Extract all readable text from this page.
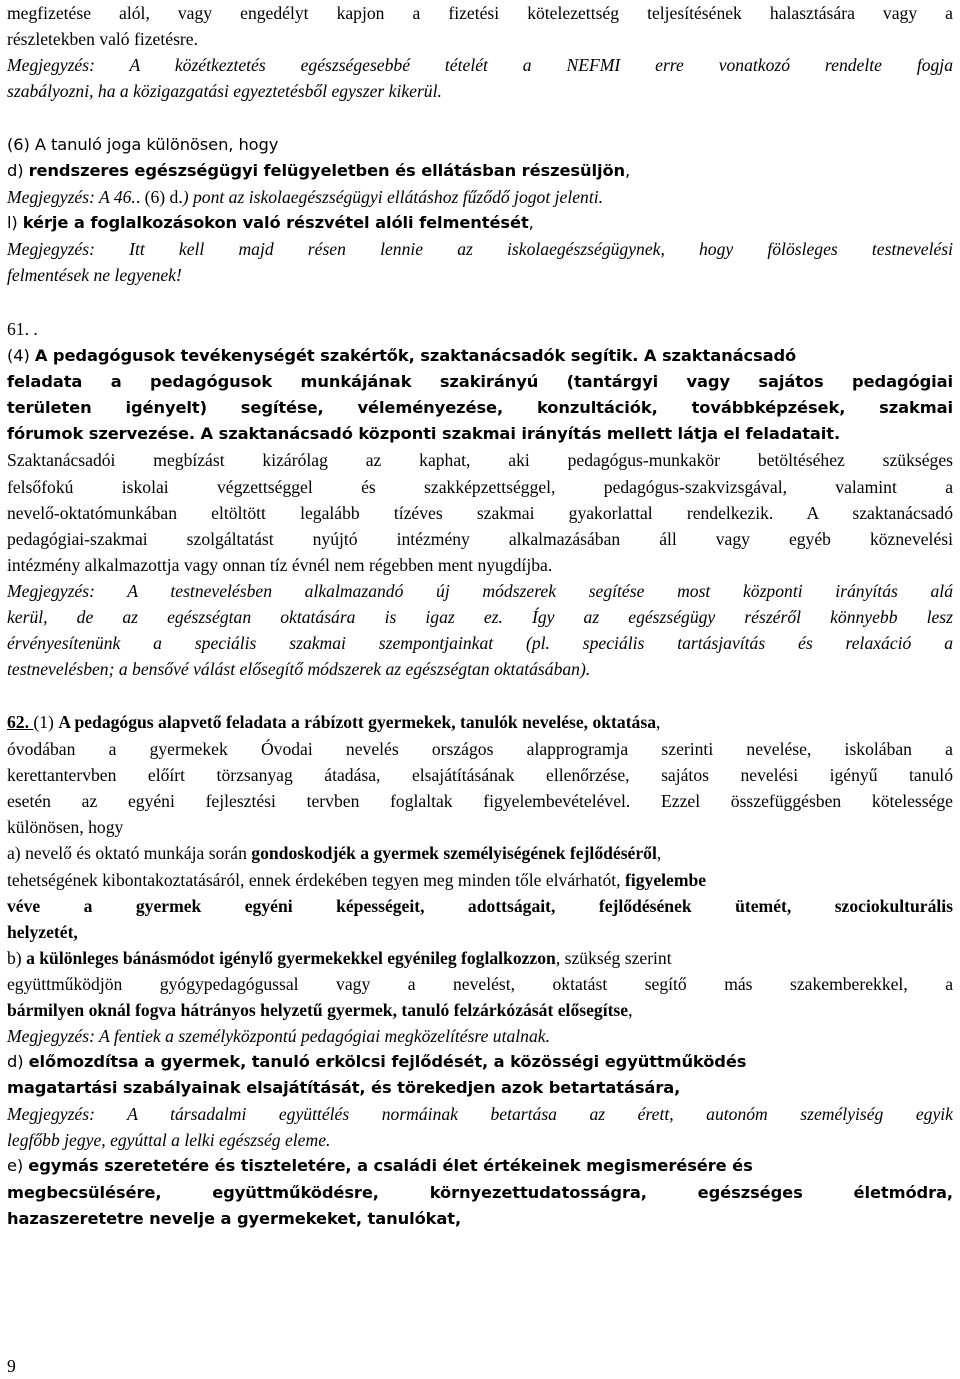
megfizetése alól, vagy engedélyt kapjon a fizetési kötelezettség teljesítésének halasztására vagy a
részletekben való fizetésre.
Megjegyzés: A közétkeztetés egészségesebbé tételét a NEFMI erre vonatkozó rendelte fogja
szabályozni, ha a közigazgatási egyeztetésből egyszer kikerül.
(6) A tanuló joga különösen, hogy
d) rendszeres egészségügyi felügyeletben és ellátásban részesüljön,
Megjegyzés: A 46.. (6) d.) pont az iskolaegészségügyi ellátáshoz fűződő jogot jelenti.
l) kérje a foglalkozásokon való részvétel alóli felmentését,
Megjegyzés: Itt kell majd résen lennie az iskolaegészségügynek, hogy fölösleges testnevelési
felmentések ne legyenek!
61. .
(4) A pedagógusok tevékenységét szakértők, szaktanácsadók segítik. A szaktanácsadó
feladata a pedagógusok munkájának szakirányú (tantárgyi vagy sajátos pedagógiai
területen igényelt) segítése, véleményezése, konzultációk, továbbképzések, szakmai
fórumok szervezése. A szaktanácsadó központi szakmai irányítás mellett látja el feladatait.
Szaktanácsadói megbízást kizárólag az kaphat, aki pedagógus-munkakör betöltéséhez szükséges
felsőfokú iskolai végzettséggel és szakképzettséggel, pedagógus-szakvizsgával, valamint a
nevelő-oktatómunkában eltöltött legalább tízéves szakmai gyakorlattal rendelkezik. A szaktanácsadó
pedagógiai-szakmai szolgáltatást nyújtó intézmény alkalmazásában áll vagy egyéb köznevelési
intézmény alkalmazottja vagy onnan tíz évnél nem régebben ment nyugdíjba.
Megjegyzés: A testnevelésben alkalmazandó új módszerek segítése most központi irányítás alá
kerül, de az egészségtan oktatására is igaz ez. Így az egészségügy részéről könnyebb lesz
érvényesítenünk a speciális szakmai szempontjainkat (pl. speciális tartásjavítás és relaxáció a
testnevelésben; a bensővé válást elősegítő módszerek az egészségtan oktatásában).
62. (1) A pedagógus alapvető feladata a rábízott gyermekek, tanulók nevelése, oktatása,
óvodában a gyermekek Óvodai nevelés országos alapprogramja szerinti nevelése, iskolában a
kerettantervben előírt törzsanyag átadása, elsajátításának ellenőrzése, sajátos nevelési igényű tanuló
esetén az egyéni fejlesztési tervben foglaltak figyelembevételével. Ezzel összefüggésben kötelessége
különösen, hogy
a) nevelő és oktató munkája során gondoskodjék a gyermek személyiségének fejlődéséről,
tehetségének kibontakoztatásáról, ennek érdekében tegyen meg minden tőle elvárhatót, figyelembe
véve a gyermek egyéni képességeit, adottságait, fejlődésének ütemét, szociokulturális
helyzetét,
b) a különleges bánásmódot igénylő gyermekekkel egyénileg foglalkozzon, szükség szerint
együttműködjön gyógypedagógussal vagy a nevelést, oktatást segítő más szakemberekkel, a
bármilyen oknál fogva hátrányos helyzetű gyermek, tanuló felzárkózását elősegítse,
Megjegyzés: A fentiek a személyközpontú pedagógiai megközelítésre utalnak.
d) előmozdítsa a gyermek, tanuló erkölcsi fejlődését, a közösségi együttműködés
magatartási szabályainak elsajátítását, és törekedjen azok betartatására,
Megjegyzés: A társadalmi együttélés normáinak betartása az érett, autonóm személyiség egyik
legfőbb jegye, egyúttal a lelki egészség eleme.
e) egymás szeretetére és tiszteletére, a családi élet értékeinek megismerésére és
megbecsülésére, együttműködésre, környezettudatosságra, egészséges életmódra,
hazaszeretetre nevelje a gyermekeket, tanulókat,
9
